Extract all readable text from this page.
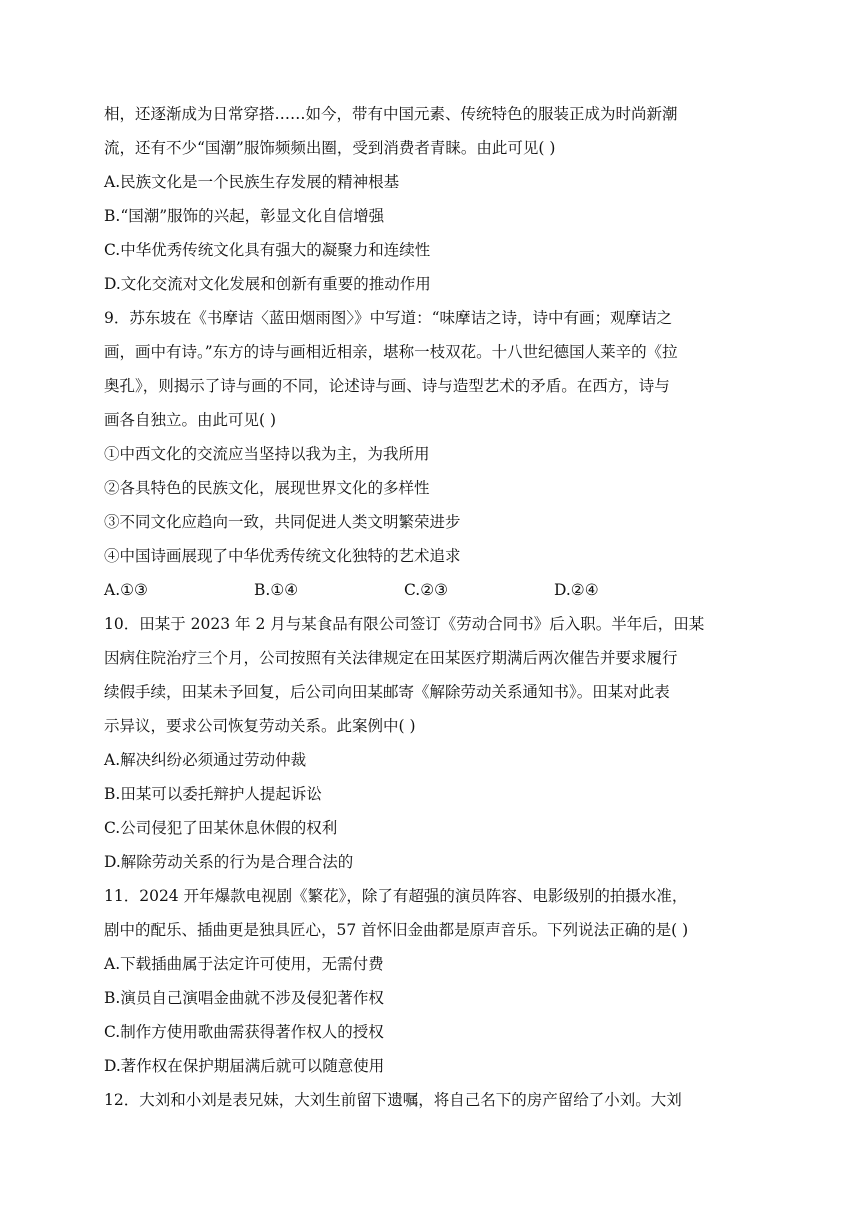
相，还逐渐成为日常穿搭……如今，带有中国元素、传统特色的服装正成为时尚新潮
流，还有不少“国潮”服饰频频出圈，受到消费者青睐。由此可见( )
A.民族文化是一个民族生存发展的精神根基
B.“国潮”服饰的兴起，彰显文化自信增强
C.中华优秀传统文化具有强大的凝聚力和连续性
D.文化交流对文化发展和创新有重要的推动作用
9．苏东坡在《书摩诘〈蓝田烟雨图〉》中写道：“味摩诘之诗，诗中有画；观摩诘之
画，画中有诗。”东方的诗与画相近相亲，堪称一枝双花。十八世纪德国人莱辛的《拉
奥孔》，则揭示了诗与画的不同，论述诗与画、诗与造型艺术的矛盾。在西方，诗与
画各自独立。由此可见( )
①中西文化的交流应当坚持以我为主，为我所用
②各具特色的民族文化，展现世界文化的多样性
③不同文化应趋向一致，共同促进人类文明繁荣进步
④中国诗画展现了中华优秀传统文化独特的艺术追求
A.①③	B.①④	C.②③	D.②④
10．田某于 2023 年 2 月与某食品有限公司签订《劳动合同书》后入职。半年后，田某
因病住院治疗三个月，公司按照有关法律规定在田某医疗期满后两次催告并要求履行
续假手续，田某未予回复，后公司向田某邮寄《解除劳动关系通知书》。田某对此表
示异议，要求公司恢复劳动关系。此案例中( )
A.解决纠纷必须通过劳动仲裁
B.田某可以委托辩护人提起诉讼
C.公司侵犯了田某休息休假的权利
D.解除劳动关系的行为是合理合法的
11．2024 开年爆款电视剧《繁花》，除了有超强的演员阵容、电影级别的拍摄水准，
剧中的配乐、插曲更是独具匠心，57 首怀旧金曲都是原声音乐。下列说法正确的是( )
A.下载插曲属于法定许可使用，无需付费
B.演员自己演唱金曲就不涉及侵犯著作权
C.制作方使用歌曲需获得著作权人的授权
D.著作权在保护期届满后就可以随意使用
12．大刘和小刘是表兄妹，大刘生前留下遗嘱，将自己名下的房产留给了小刘。大刘
